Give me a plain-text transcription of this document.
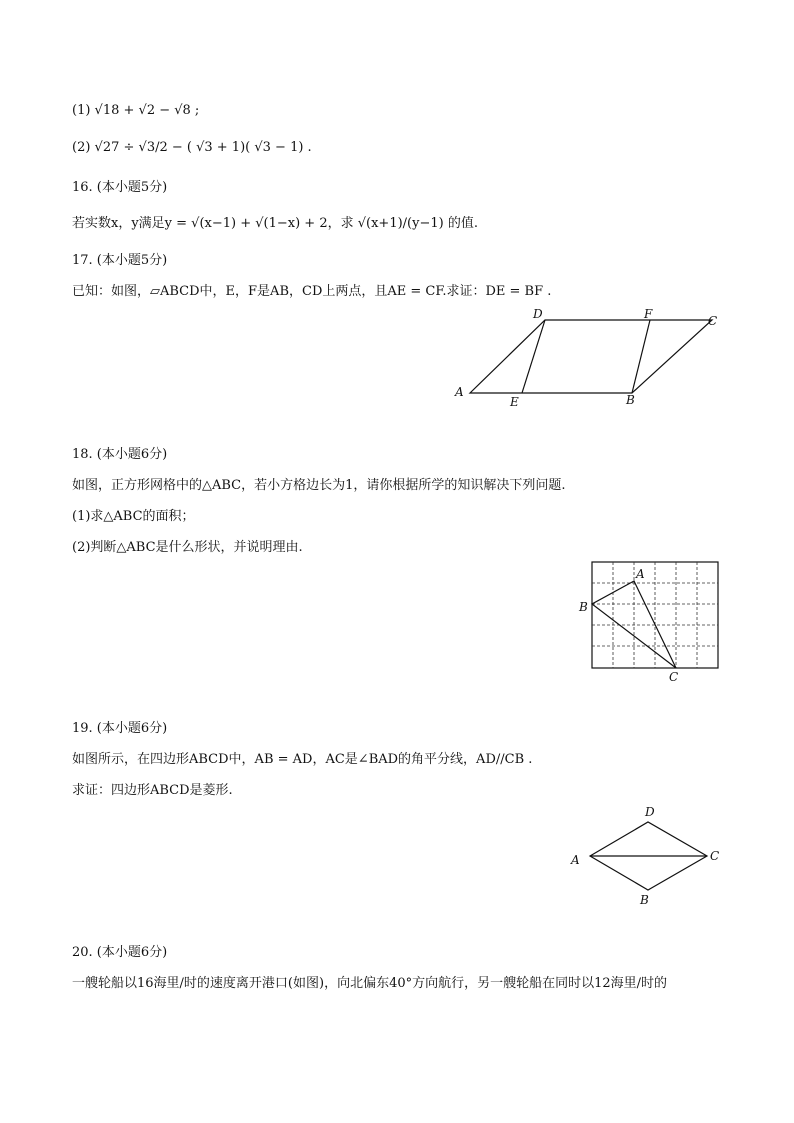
(1) √18 + √2 − √8 ;
(2) √27 ÷ √3/2 − ( √3 + 1)( √3 − 1) .
16. (本小题5分)
若实数x，y满足y = √(x−1) + √(1−x) + 2，求 √(x+1)/(y−1) 的值.
17. (本小题5分)
已知：如图，▱ABCD中，E，F是AB，CD上两点，且AE = CF.求证：DE = BF .
A
D	F	C
E	B
18. (本小题6分)
如图，正方形网格中的△ABC，若小方格边长为1，请你根据所学的知识解决下列问题.
(1)求△ABC的面积；
(2)判断△ABC是什么形状，并说明理由.
A
B
C
19. (本小题6分)
如图所示，在四边形ABCD中，AB = AD，AC是∠BAD的角平分线，AD//CB .
求证：四边形ABCD是菱形.
A
D
C
B
20. (本小题6分)
一艘轮船以16海里/时的速度离开港口(如图)，向北偏东40°方向航行，另一艘轮船在同时以12海里/时的
